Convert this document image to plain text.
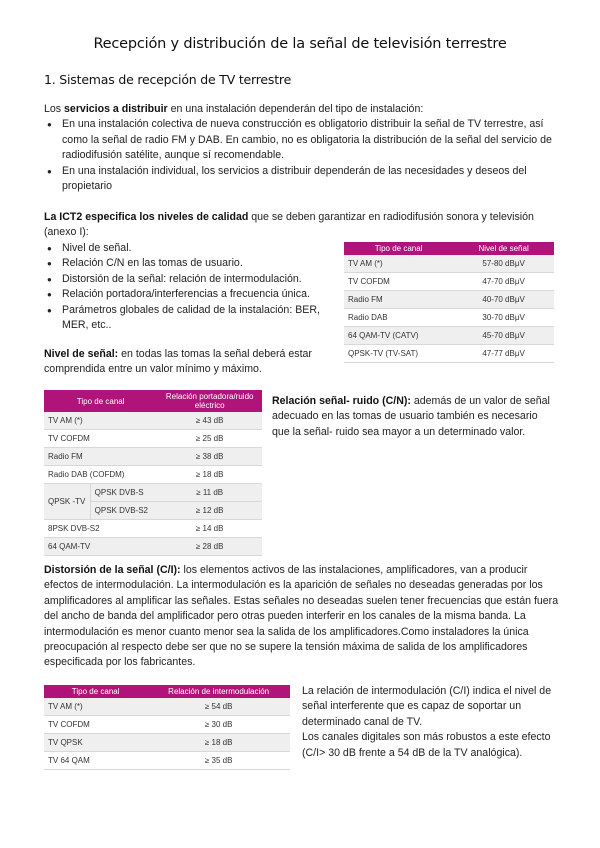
Recepción y distribución de la señal de televisión terrestre
1. Sistemas de recepción de TV terrestre
Los servicios a distribuir en una instalación dependerán del tipo de instalación:
● En una instalación colectiva de nueva construcción es obligatorio distribuir la señal de TV terrestre, así como la señal de radio FM y DAB. En cambio, no es obligatoria la distribución de la señal del servicio de radiodifusión satélite, aunque sí recomendable.
● En una instalación individual, los servicios a distribuir dependerán de las necesidades y deseos del propietario
La ICT2 especifica los niveles de calidad que se deben garantizar en radiodifusión sonora y televisión (anexo I):
● Nivel de señal.
● Relación C/N en las tomas de usuario.
● Distorsión de la señal: relación de intermodulación.
● Relación portadora/interferencias a frecuencia única.
● Parámetros globales de calidad de la instalación: BER, MER, etc..
Tipo de canal	Nivel de señal
TV AM (*)	57-80 dBμV
TV COFDM	47-70 dBμV
Radio FM	40-70 dBμV
Radio DAB	30-70 dBμV
64 QAM-TV (CATV)	45-70 dBμV
QPSK-TV (TV-SAT)	47-77 dBμV
Nivel de señal: en todas las tomas la señal deberá estar comprendida entre un valor mínimo y máximo.
Tipo de canal		Relación portadora/ruido eléctrico
TV AM (*)		≥ 43 dB
TV COFDM		≥ 25 dB
Radio FM		≥ 38 dB
Radio DAB (COFDM)		≥ 18 dB
QPSK -TV	QPSK DVB-S	≥ 11 dB
	QPSK DVB-S2	≥ 12 dB
8PSK DVB-S2		≥ 14 dB
64 QAM-TV		≥ 28 dB
Relación señal- ruido (C/N): además de un valor de señal adecuado en las tomas de usuario también es necesario que la señal- ruido sea mayor a un determinado valor.
Distorsión de la señal (C/I): los elementos activos de las instalaciones, amplificadores, van a producir efectos de intermodulación. La intermodulación es la aparición de señales no deseadas generadas por los amplificadores al amplificar las señales. Estas señales no deseadas suelen tener frecuencias que están fuera del ancho de banda del amplificador pero otras pueden interferir en los canales de la misma banda. La intermodulación es menor cuanto menor sea la salida de los amplificadores.Como instaladores la única preocupación al respecto debe ser que no se supere la tensión máxima de salida de los amplificadores especificada por los fabricantes.
Tipo de canal	Relación de intermodulación
TV AM (*)	≥ 54 dB
TV COFDM	≥ 30 dB
TV QPSK	≥ 18 dB
TV 64 QAM	≥ 35 dB
La relación de intermodulación (C/I) indica el nivel de señal interferente que es capaz de soportar un determinado canal de TV.
Los canales digitales son más robustos a este efecto (C/I> 30 dB frente a 54 dB de la TV analógica).
